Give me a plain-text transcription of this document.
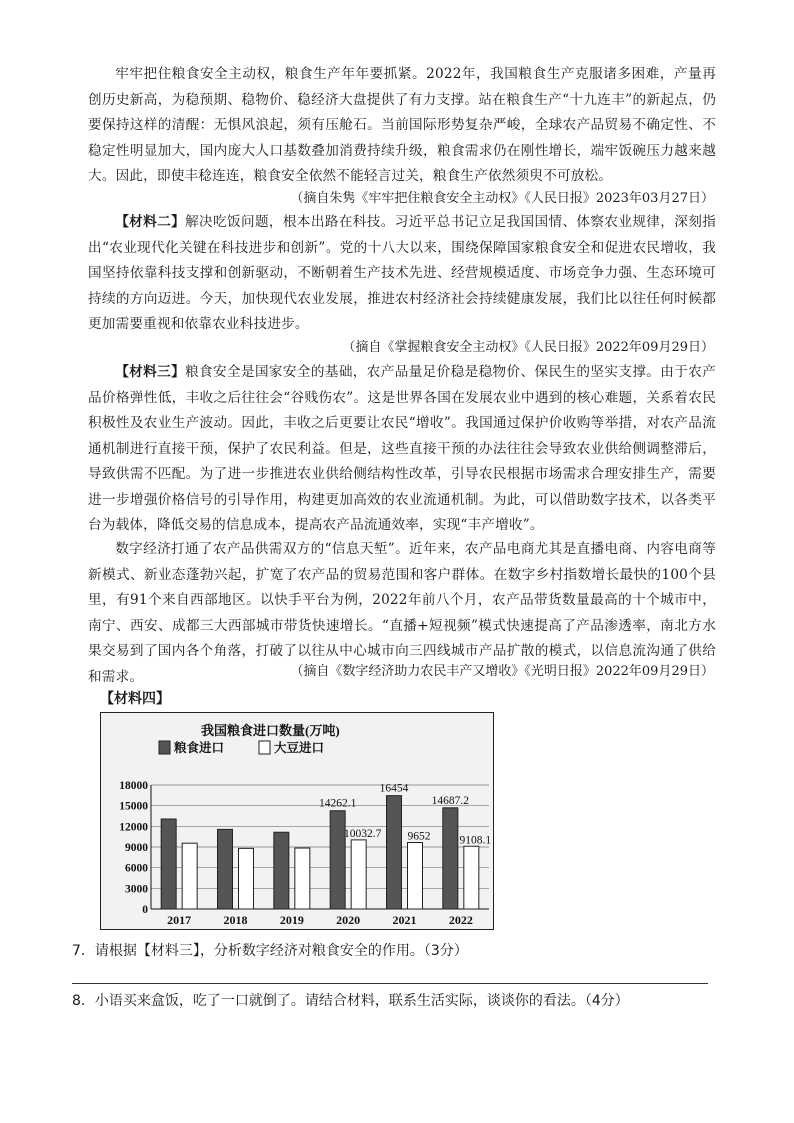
牢牢把住粮食安全主动权，粮食生产年年要抓紧。2022年，我国粮食生产克服诸多困难，产量再创历史新高，为稳预期、稳物价、稳经济大盘提供了有力支撑。站在粮食生产“十九连丰”的新起点，仍要保持这样的清醒：无惧风浪起，须有压舱石。当前国际形势复杂严峻，全球农产品贸易不确定性、不稳定性明显加大，国内庞大人口基数叠加消费持续升级，粮食需求仍在刚性增长，端牢饭碗压力越来越大。因此，即使丰稔连连，粮食安全依然不能轻言过关，粮食生产依然须臾不可放松。
（摘自朱隽《牢牢把住粮食安全主动权》《人民日报》2023年03月27日）
【材料二】解决吃饭问题，根本出路在科技。习近平总书记立足我国国情、体察农业规律，深刻指出“农业现代化关键在科技进步和创新”。党的十八大以来，围绕保障国家粮食安全和促进农民增收，我国坚持依靠科技支撑和创新驱动，不断朝着生产技术先进、经营规模适度、市场竞争力强、生态环境可持续的方向迈进。今天，加快现代农业发展，推进农村经济社会持续健康发展，我们比以往任何时候都更加需要重视和依靠农业科技进步。
（摘自《掌握粮食安全主动权》《人民日报》2022年09月29日）
【材料三】粮食安全是国家安全的基础，农产品量足价稳是稳物价、保民生的坚实支撑。由于农产品价格弹性低，丰收之后往往会“谷贱伤农”。这是世界各国在发展农业中遇到的核心难题，关系着农民积极性及农业生产波动。因此，丰收之后更要让农民“增收”。我国通过保护价收购等举措，对农产品流通机制进行直接干预，保护了农民利益。但是，这些直接干预的办法往往会导致农业供给侧调整滞后，导致供需不匹配。为了进一步推进农业供给侧结构性改革，引导农民根据市场需求合理安排生产，需要进一步增强价格信号的引导作用，构建更加高效的农业流通机制。为此，可以借助数字技术，以各类平台为载体，降低交易的信息成本，提高农产品流通效率，实现“丰产增收”。
数字经济打通了农产品供需双方的“信息天堑”。近年来，农产品电商尤其是直播电商、内容电商等新模式、新业态蓬勃兴起，扩宽了农产品的贸易范围和客户群体。在数字乡村指数增长最快的100个县里，有91个来自西部地区。以快手平台为例，2022年前八个月，农产品带货数量最高的十个城市中，南宁、西安、成都三大西部城市带货快速增长。“直播+短视频”模式快速提高了产品渗透率，南北方水果交易到了国内各个角落，打破了以往从中心城市向三四线城市产品扩散的模式，以信息流沟通了供给和需求。	（摘自《数字经济助力农民丰产又增收》《光明日报》2022年09月29日）
【材料四】
我国粮食进口数量(万吨)
粮食进口	大豆进口
0
3000
6000
9000
12000
15000
18000
2017	2018	2019
14262.1
10032.7
2020
16454
9652
2021
14687.2
9108.1
2022
7．请根据【材料三】，分析数字经济对粮食安全的作用。（3分）
8．小语买来盒饭，吃了一口就倒了。请结合材料，联系生活实际，谈谈你的看法。（4分）
